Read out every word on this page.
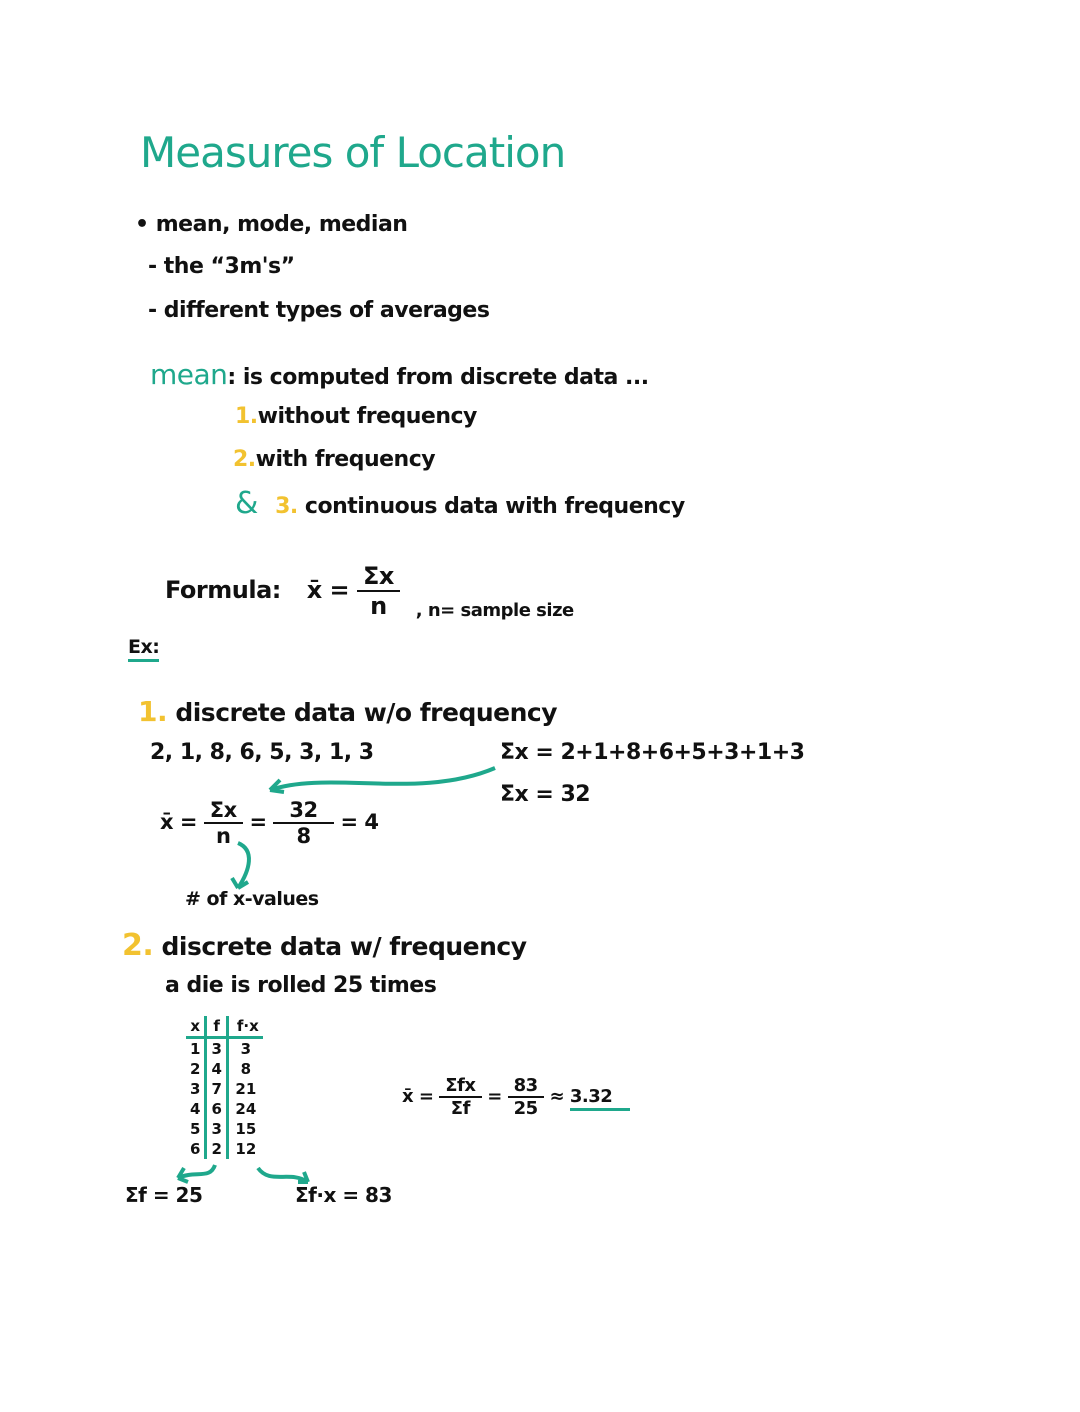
Measures of Location
• mean, mode, median
- the “3m's”
- different types of averages
mean: is computed from discrete data ...
1.without frequency
2.with frequency
& 3. continuous data with frequency
Formula: x̄ = $\frac{\Sigma x}{n} _{, n= sample size}$
Ex:
1. discrete data w/o frequency
2, 1, 8, 6, 5, 3, 1, 3	Σx = 2+1+8+6+5+3+1+3
Σx = 32
x̄ = $\frac{\Sigma x}{n} = \frac{32}{8} = 4$
# of x-values
2. discrete data w/ frequency
a die is rolled 25 times
x	f	f·x
1	3	3
2	4	8
3	7	21
4	6	24
5	3	15
6	2	12
Σf = 25	Σf·x = 83
x̄ = $\frac{\text{Σfx}}{\Sigma f} = \frac{83}{25} \approx 3.32$
